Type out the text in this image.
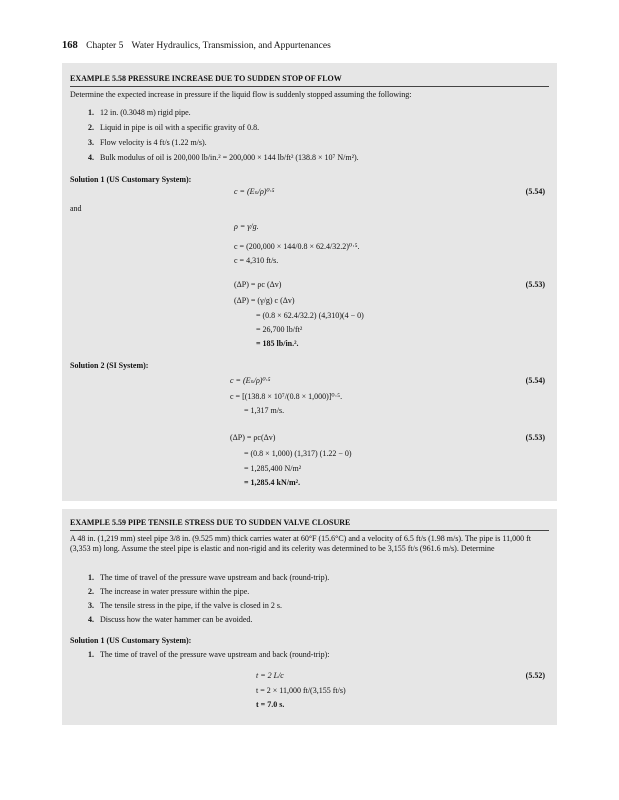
168 Chapter 5 Water Hydraulics, Transmission, and Appurtenances
EXAMPLE 5.58 PRESSURE INCREASE DUE TO SUDDEN STOP OF FLOW
Determine the expected increase in pressure if the liquid flow is suddenly stopped assuming the following:
1. 12 in. (0.3048 m) rigid pipe.
2. Liquid in pipe is oil with a specific gravity of 0.8.
3. Flow velocity is 4 ft/s (1.22 m/s).
4. Bulk modulus of oil is 200,000 lb/in.² = 200,000 × 144 lb/ft² (138.8 × 10⁷ N/m²).
Solution 1 (US Customary System):
c = (Eₙ/ρ)⁰·⁵	(5.54)
and
ρ = γ/g.
c = (200,000 × 144/0.8 × 62.4/32.2)⁰·⁵.
c = 4,310 ft/s.
(ΔP) = ρc (Δv)	(5.53)
(ΔP) = (γ/g) c (Δv)
= (0.8 × 62.4/32.2) (4,310)(4 − 0)
= 26,700 lb/ft²
= 185 lb/in.².
Solution 2 (SI System):
c = (Eₙ/ρ)⁰·⁵	(5.54)
c = [(138.8 × 10⁷/(0.8 × 1,000)]⁰·⁵.
= 1,317 m/s.
(ΔP) = ρc(Δv)	(5.53)
= (0.8 × 1,000) (1,317) (1.22 − 0)
= 1,285,400 N/m²
= 1,285.4 kN/m².
EXAMPLE 5.59 PIPE TENSILE STRESS DUE TO SUDDEN VALVE CLOSURE
A 48 in. (1,219 mm) steel pipe 3/8 in. (9.525 mm) thick carries water at 60°F (15.6°C) and a velocity of 6.5 ft/s (1.98 m/s). The pipe is 11,000 ft (3,353 m) long. Assume the steel pipe is elastic and non-rigid and its celerity was determined to be 3,155 ft/s (961.6 m/s). Determine
1. The time of travel of the pressure wave upstream and back (round-trip).
2. The increase in water pressure within the pipe.
3. The tensile stress in the pipe, if the valve is closed in 2 s.
4. Discuss how the water hammer can be avoided.
Solution 1 (US Customary System):
1. The time of travel of the pressure wave upstream and back (round-trip):
t = 2 L/c	(5.52)
t = 2 × 11,000 ft/(3,155 ft/s)
t = 7.0 s.
